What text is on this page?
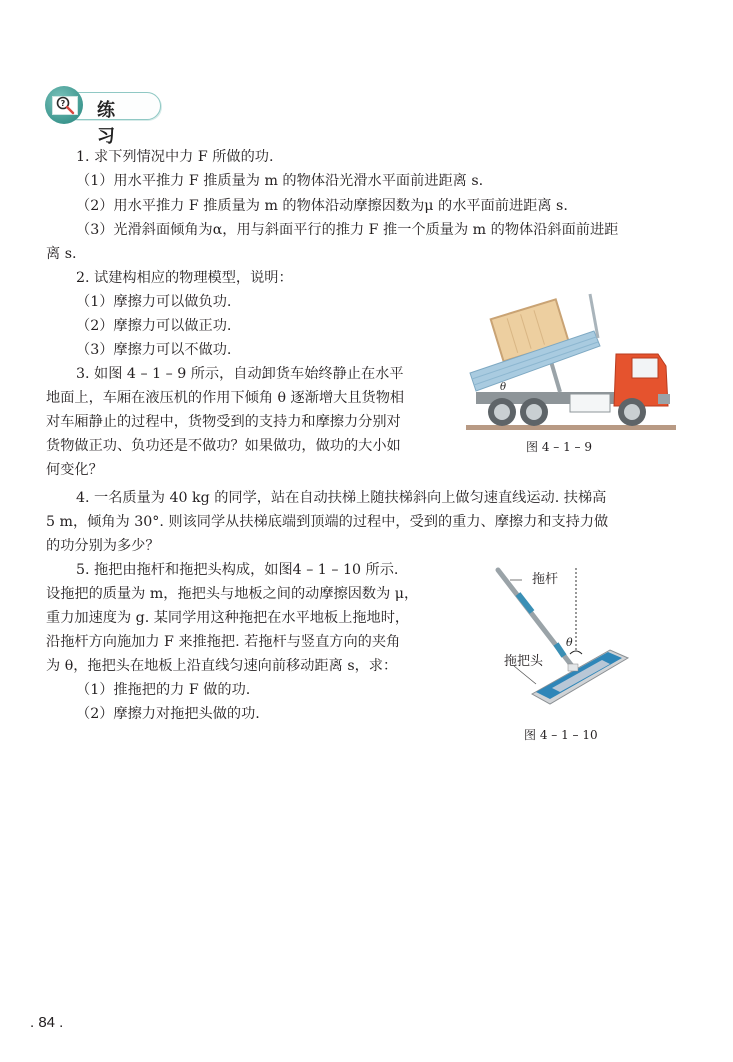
? 练 习
1. 求下列情况中力 F 所做的功.
（1）用水平推力 F 推质量为 m 的物体沿光滑水平面前进距离 s.
（2）用水平推力 F 推质量为 m 的物体沿动摩擦因数为μ 的水平面前进距离 s.
（3）光滑斜面倾角为α，用与斜面平行的推力 F 推一个质量为 m 的物体沿斜面前进距
离 s.
2. 试建构相应的物理模型，说明：
（1）摩擦力可以做负功.
（2）摩擦力可以做正功.
（3）摩擦力可以不做功.
3. 如图 4 – 1 – 9 所示，自动卸货车始终静止在水平
地面上，车厢在液压机的作用下倾角 θ 逐渐增大且货物相
对车厢静止的过程中，货物受到的支持力和摩擦力分别对
货物做正功、负功还是不做功？如果做功，做功的大小如
何变化？
4. 一名质量为 40 kg 的同学，站在自动扶梯上随扶梯斜向上做匀速直线运动. 扶梯高
5 m，倾角为 30°. 则该同学从扶梯底端到顶端的过程中，受到的重力、摩擦力和支持力做
的功分别为多少？
5. 拖把由拖杆和拖把头构成，如图4 – 1 – 10 所示.
设拖把的质量为 m，拖把头与地板之间的动摩擦因数为 μ，
重力加速度为 g. 某同学用这种拖把在水平地板上拖地时，
沿拖杆方向施加力 F 来推拖把. 若拖杆与竖直方向的夹角
为 θ，拖把头在地板上沿直线匀速向前移动距离 s，求：
（1）推拖把的力 F 做的功.
（2）摩擦力对拖把头做的功.
θ
图 4 – 1 – 9
θ
拖杆
拖把头
图 4 – 1 – 10
. 84 .
